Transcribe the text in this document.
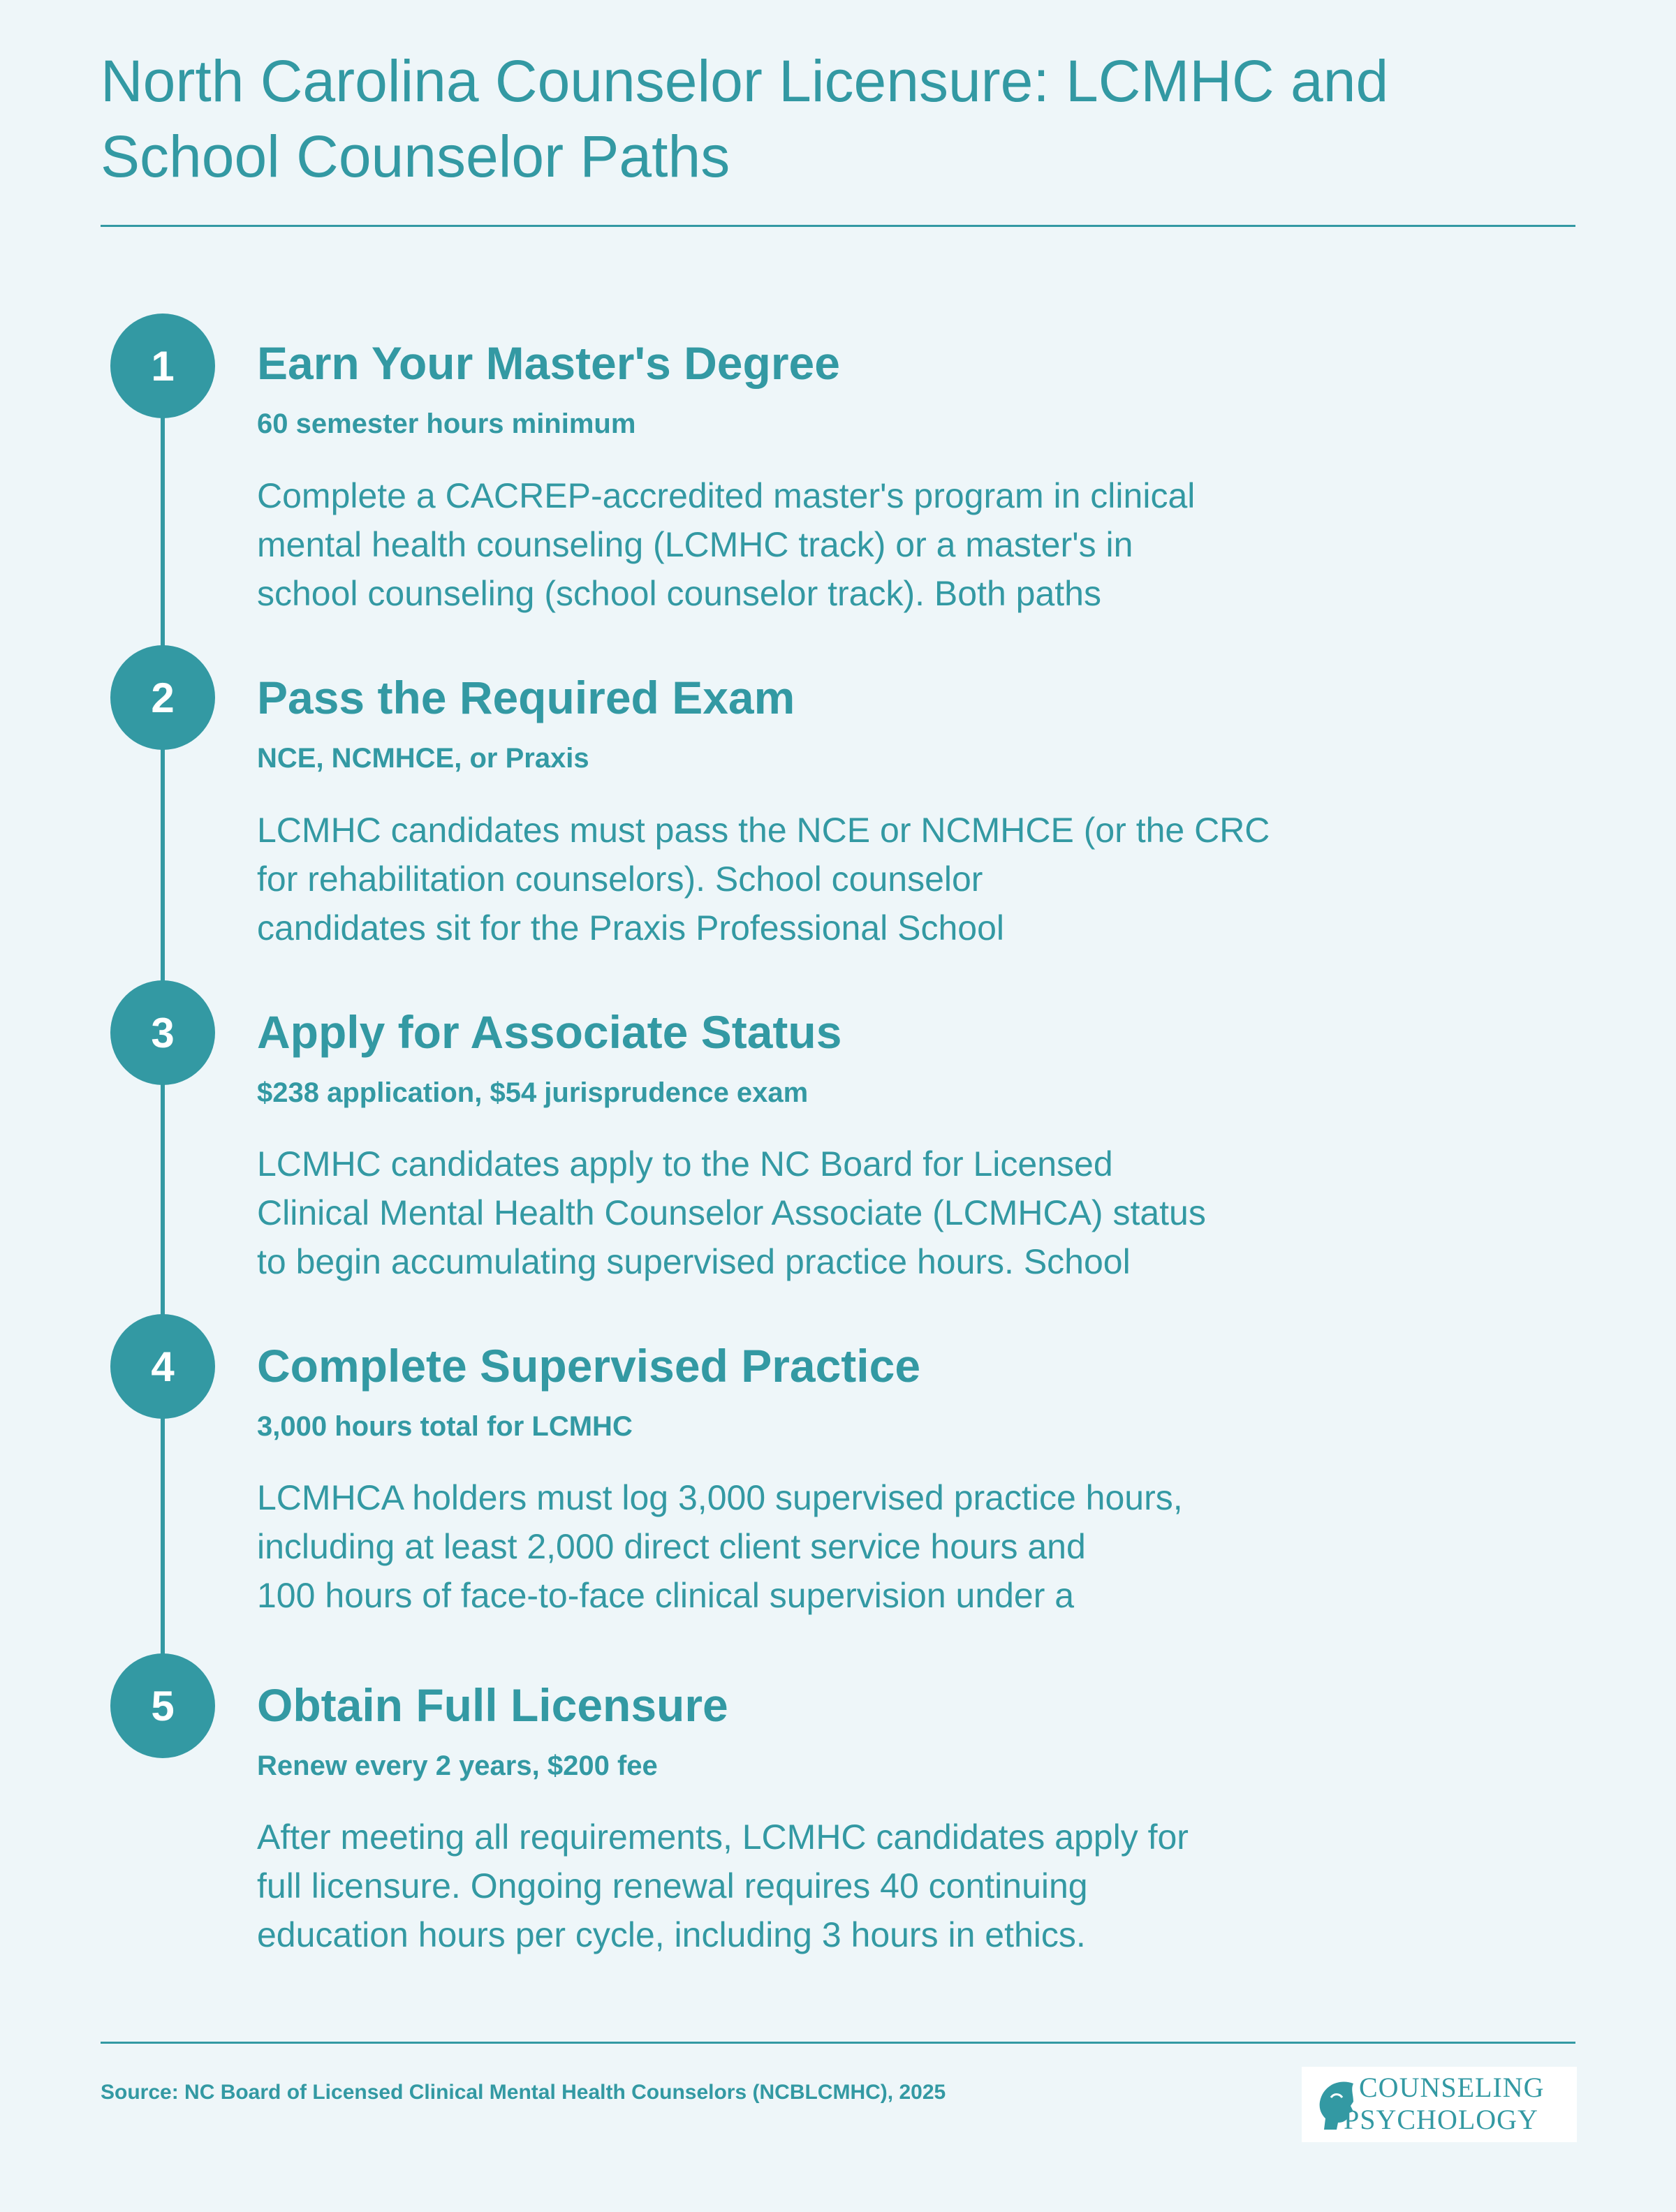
North Carolina Counselor Licensure: LCMHC and School Counselor Paths
1	Earn Your Master's Degree
60 semester hours minimum
Complete a CACREP-accredited master's program in clinical
mental health counseling (LCMHC track) or a master's in
school counseling (school counselor track). Both paths
2	Pass the Required Exam
NCE, NCMHCE, or Praxis
LCMHC candidates must pass the NCE or NCMHCE (or the CRC
for rehabilitation counselors). School counselor
candidates sit for the Praxis Professional School
3	Apply for Associate Status
$238 application, $54 jurisprudence exam
LCMHC candidates apply to the NC Board for Licensed
Clinical Mental Health Counselor Associate (LCMHCA) status
to begin accumulating supervised practice hours. School
4	Complete Supervised Practice
3,000 hours total for LCMHC
LCMHCA holders must log 3,000 supervised practice hours,
including at least 2,000 direct client service hours and
100 hours of face-to-face clinical supervision under a
5	Obtain Full Licensure
Renew every 2 years, $200 fee
After meeting all requirements, LCMHC candidates apply for
full licensure. Ongoing renewal requires 40 continuing
education hours per cycle, including 3 hours in ethics.
Source: NC Board of Licensed Clinical Mental Health Counselors (NCBLCMHC), 2025	COUNSELING
PSYCHOLOGY
